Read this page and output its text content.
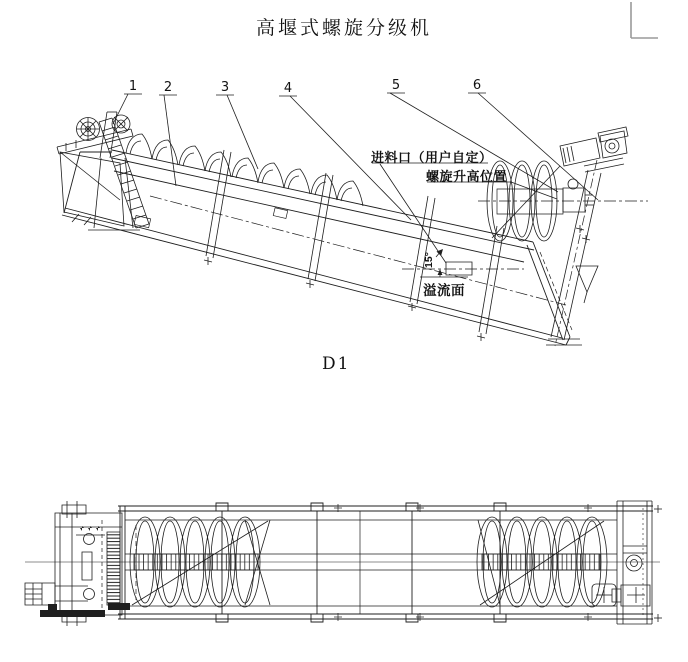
高堰式螺旋分级机
1	2	3	4	5	6
进料口（用户自定）
螺旋升高位置
溢流面
15°
D1
